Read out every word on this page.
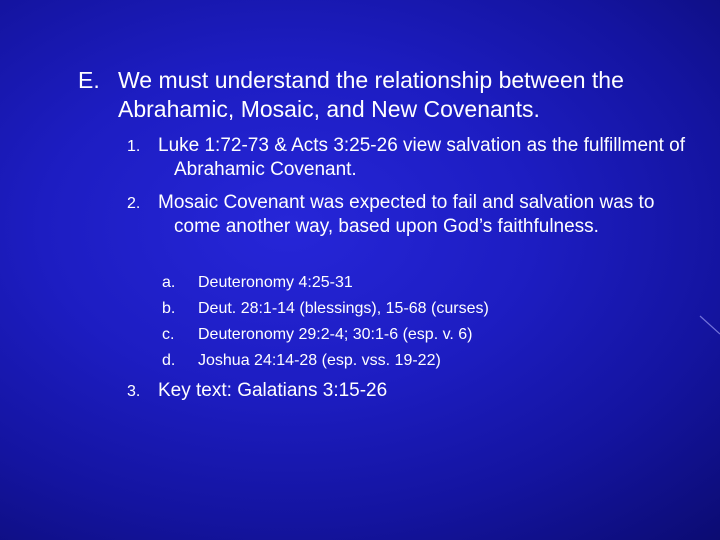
E. We must understand the relationship between the Abrahamic, Mosaic, and New Covenants.
1. Luke 1:72-73 & Acts 3:25-26 view salvation as the fulfillment of Abrahamic Covenant.
2. Mosaic Covenant was expected to fail and salvation was to come another way, based upon God’s faithfulness.
a. Deuteronomy 4:25-31
b. Deut. 28:1-14 (blessings), 15-68 (curses)
c. Deuteronomy 29:2-4; 30:1-6 (esp. v. 6)
d. Joshua 24:14-28 (esp. vss. 19-22)
3. Key text: Galatians 3:15-26
